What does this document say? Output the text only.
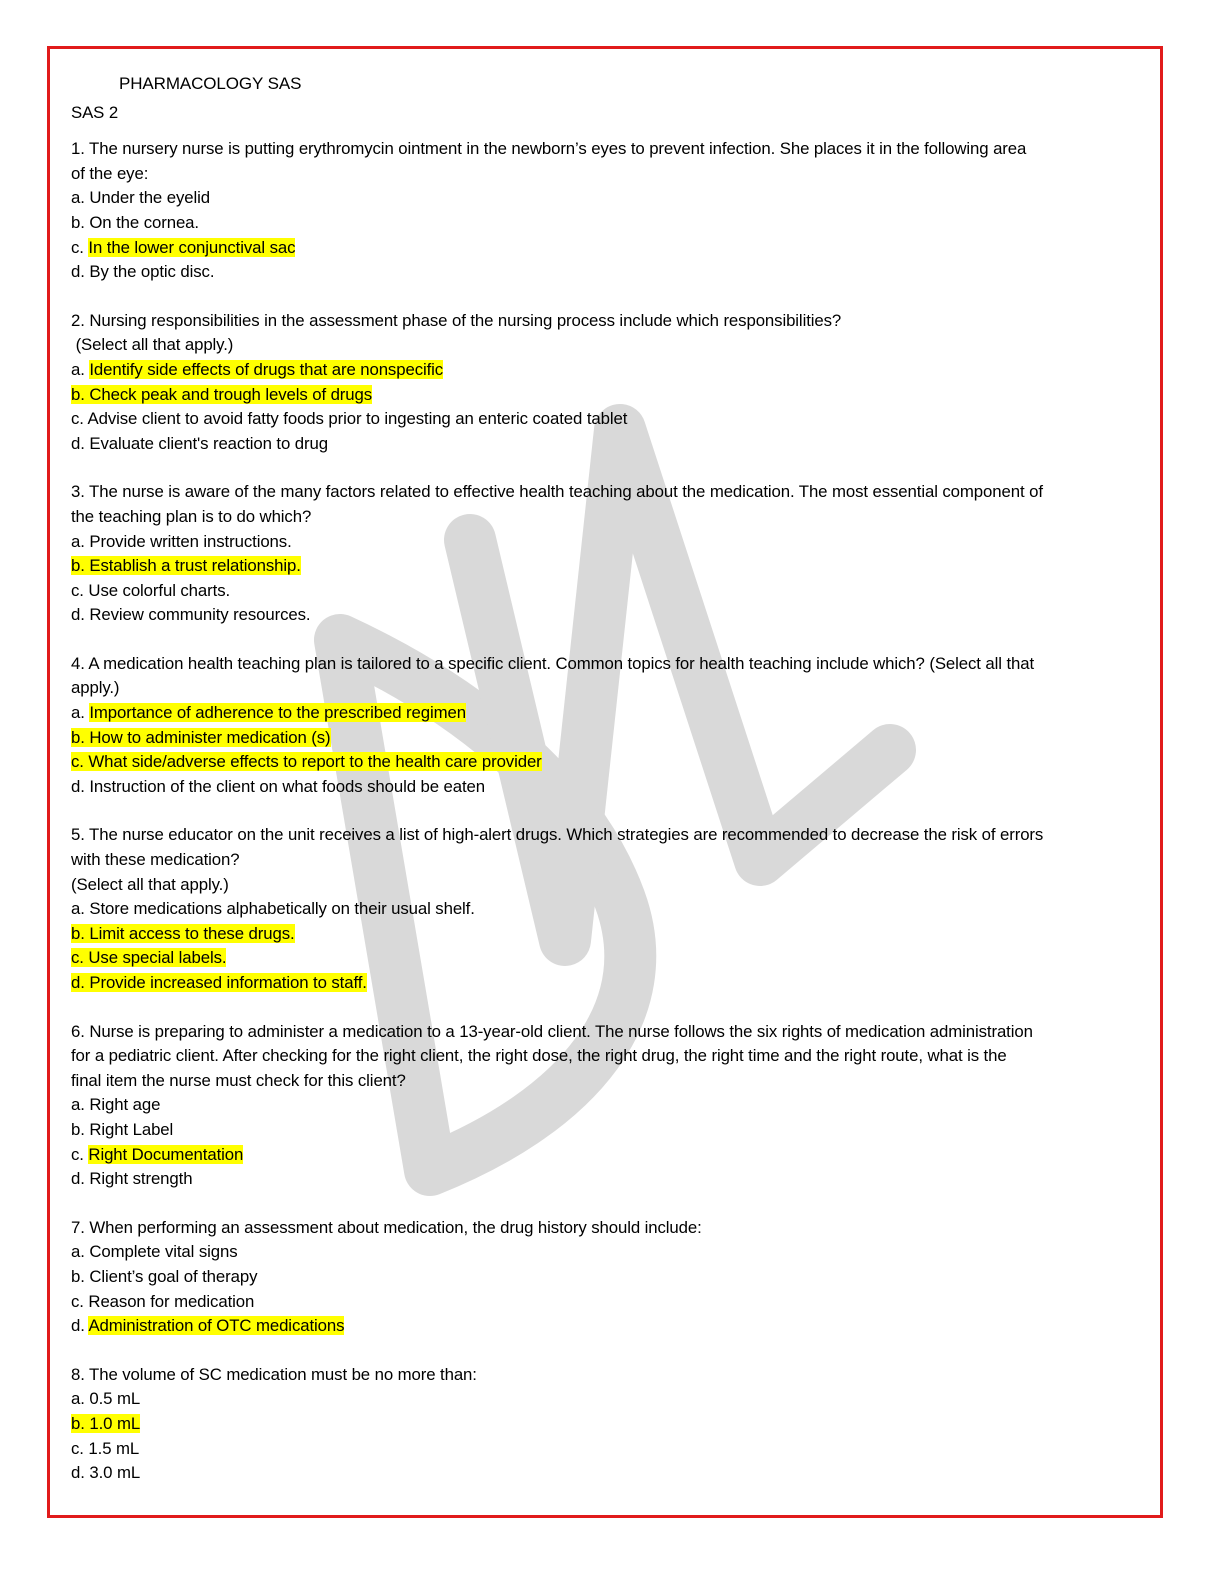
PHARMACOLOGY SAS
SAS 2
1. The nursery nurse is putting erythromycin ointment in the newborn’s eyes to prevent infection. She places it in the following area
of the eye:
a. Under the eyelid
b. On the cornea.
c. In the lower conjunctival sac
d. By the optic disc.
2. Nursing responsibilities in the assessment phase of the nursing process include which responsibilities?
(Select all that apply.)
a. Identify side effects of drugs that are nonspecific
b. Check peak and trough levels of drugs
c. Advise client to avoid fatty foods prior to ingesting an enteric coated tablet
d. Evaluate client's reaction to drug
3. The nurse is aware of the many factors related to effective health teaching about the medication. The most essential component of
the teaching plan is to do which?
a. Provide written instructions.
b. Establish a trust relationship.
c. Use colorful charts.
d. Review community resources.
4. A medication health teaching plan is tailored to a specific client. Common topics for health teaching include which? (Select all that
apply.)
a. Importance of adherence to the prescribed regimen
b. How to administer medication (s)
c. What side/adverse effects to report to the health care provider
d. Instruction of the client on what foods should be eaten
5. The nurse educator on the unit receives a list of high-alert drugs. Which strategies are recommended to decrease the risk of errors
with these medication?
(Select all that apply.)
a. Store medications alphabetically on their usual shelf.
b. Limit access to these drugs.
c. Use special labels.
d. Provide increased information to staff.
6. Nurse is preparing to administer a medication to a 13-year-old client. The nurse follows the six rights of medication administration
for a pediatric client. After checking for the right client, the right dose, the right drug, the right time and the right route, what is the
final item the nurse must check for this client?
a. Right age
b. Right Label
c. Right Documentation
d. Right strength
7. When performing an assessment about medication, the drug history should include:
a. Complete vital signs
b. Client’s goal of therapy
c. Reason for medication
d. Administration of OTC medications
8. The volume of SC medication must be no more than:
a. 0.5 mL
b. 1.0 mL
c. 1.5 mL
d. 3.0 mL
